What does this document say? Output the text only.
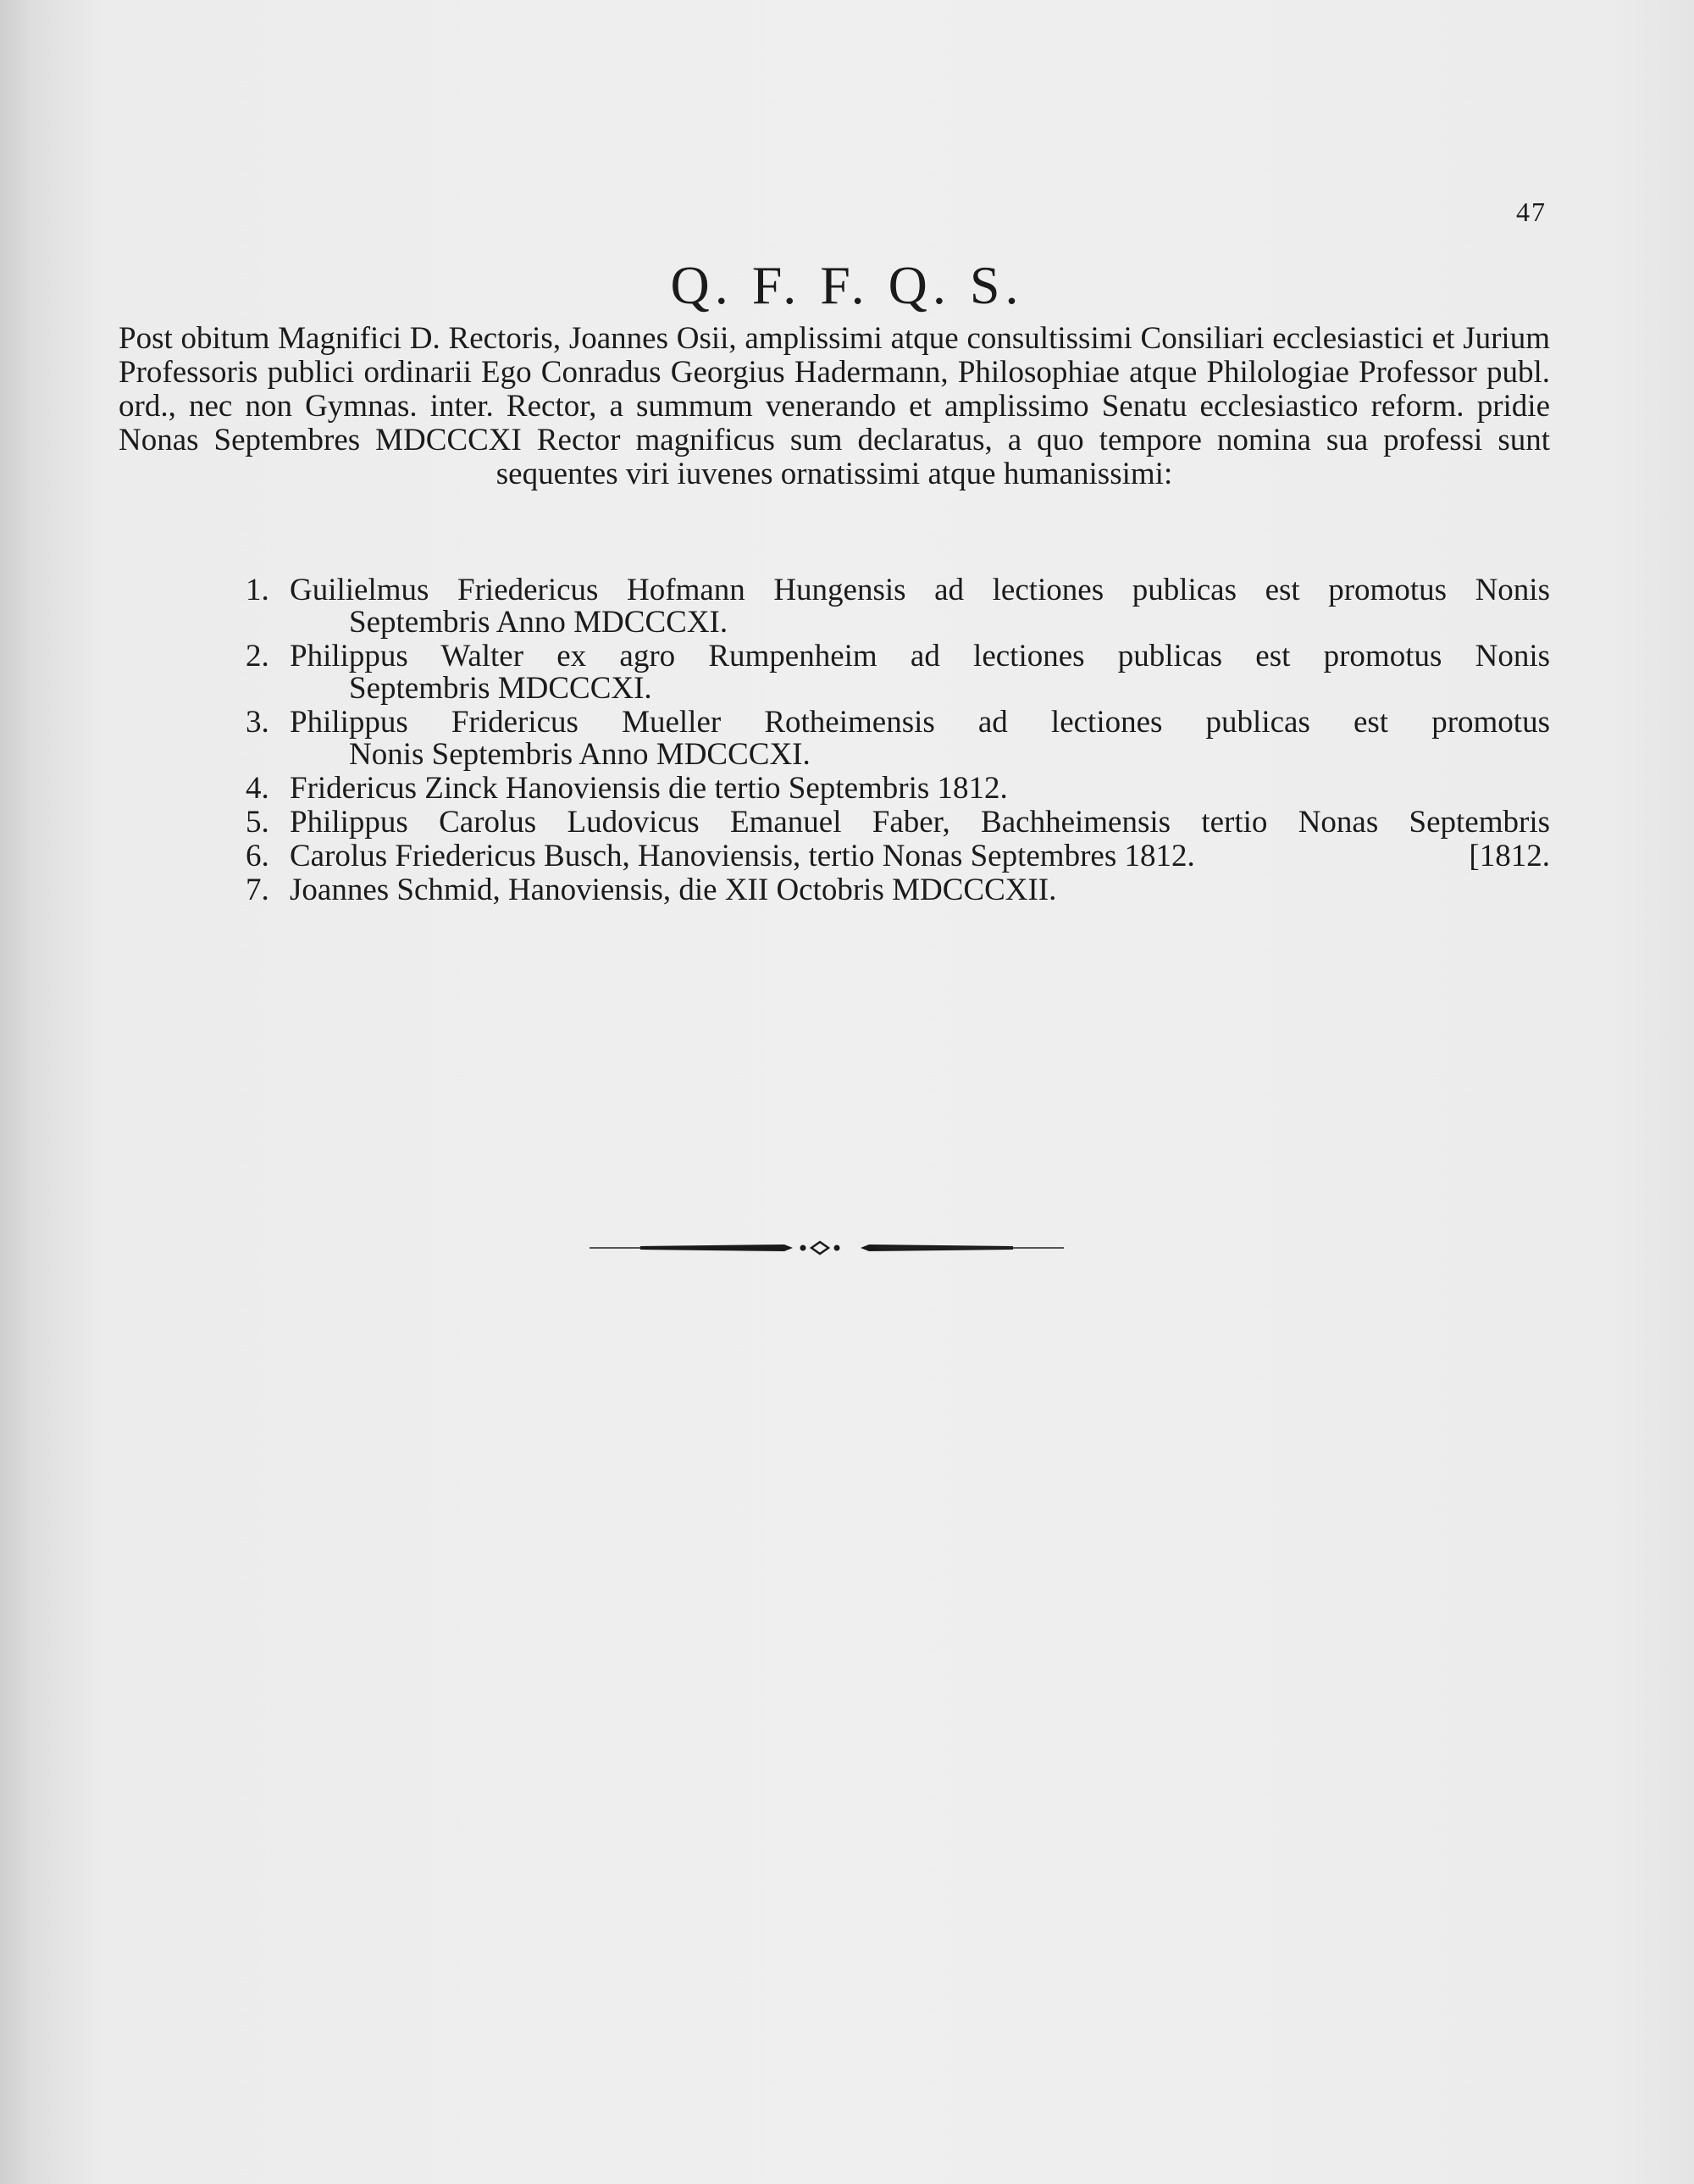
47
Q. F. F. Q. S.

Post obitum Magnifici D. Rectoris, Joannes Osii, amplissimi atque consultissimi Consiliari ecclesiastici et Jurium Professoris publici ordinarii Ego Conradus Georgius Hadermann, Philosophiae atque Philologiae Professor publ. ord., nec non Gymnas. inter. Rector, a summum venerando et amplissimo Senatu ecclesiastico reform. pridie Nonas Septembres MDCCCXI Rector magnificus sum declaratus, a quo tempore nomina sua professi sunt sequentes viri iuvenes ornatissimi atque humanissimi:

1. Guilielmus Friedericus Hofmann Hungensis ad lectiones publicas est promotus Nonis
Septembris Anno MDCCCXI.
2. Philippus Walter ex agro Rumpenheim ad lectiones publicas est promotus Nonis
Septembris MDCCCXI.
3. Philippus Fridericus Mueller Rotheimensis ad lectiones publicas est promotus
Nonis Septembris Anno MDCCCXI.
4. Fridericus Zinck Hanoviensis die tertio Septembris 1812.
5. Philippus Carolus Ludovicus Emanuel Faber, Bachheimensis tertio Nonas Septembris
6. Carolus Friedericus Busch, Hanoviensis, tertio Nonas Septembres 1812.	[1812.
7. Joannes Schmid, Hanoviensis, die XII Octobris MDCCCXII.
